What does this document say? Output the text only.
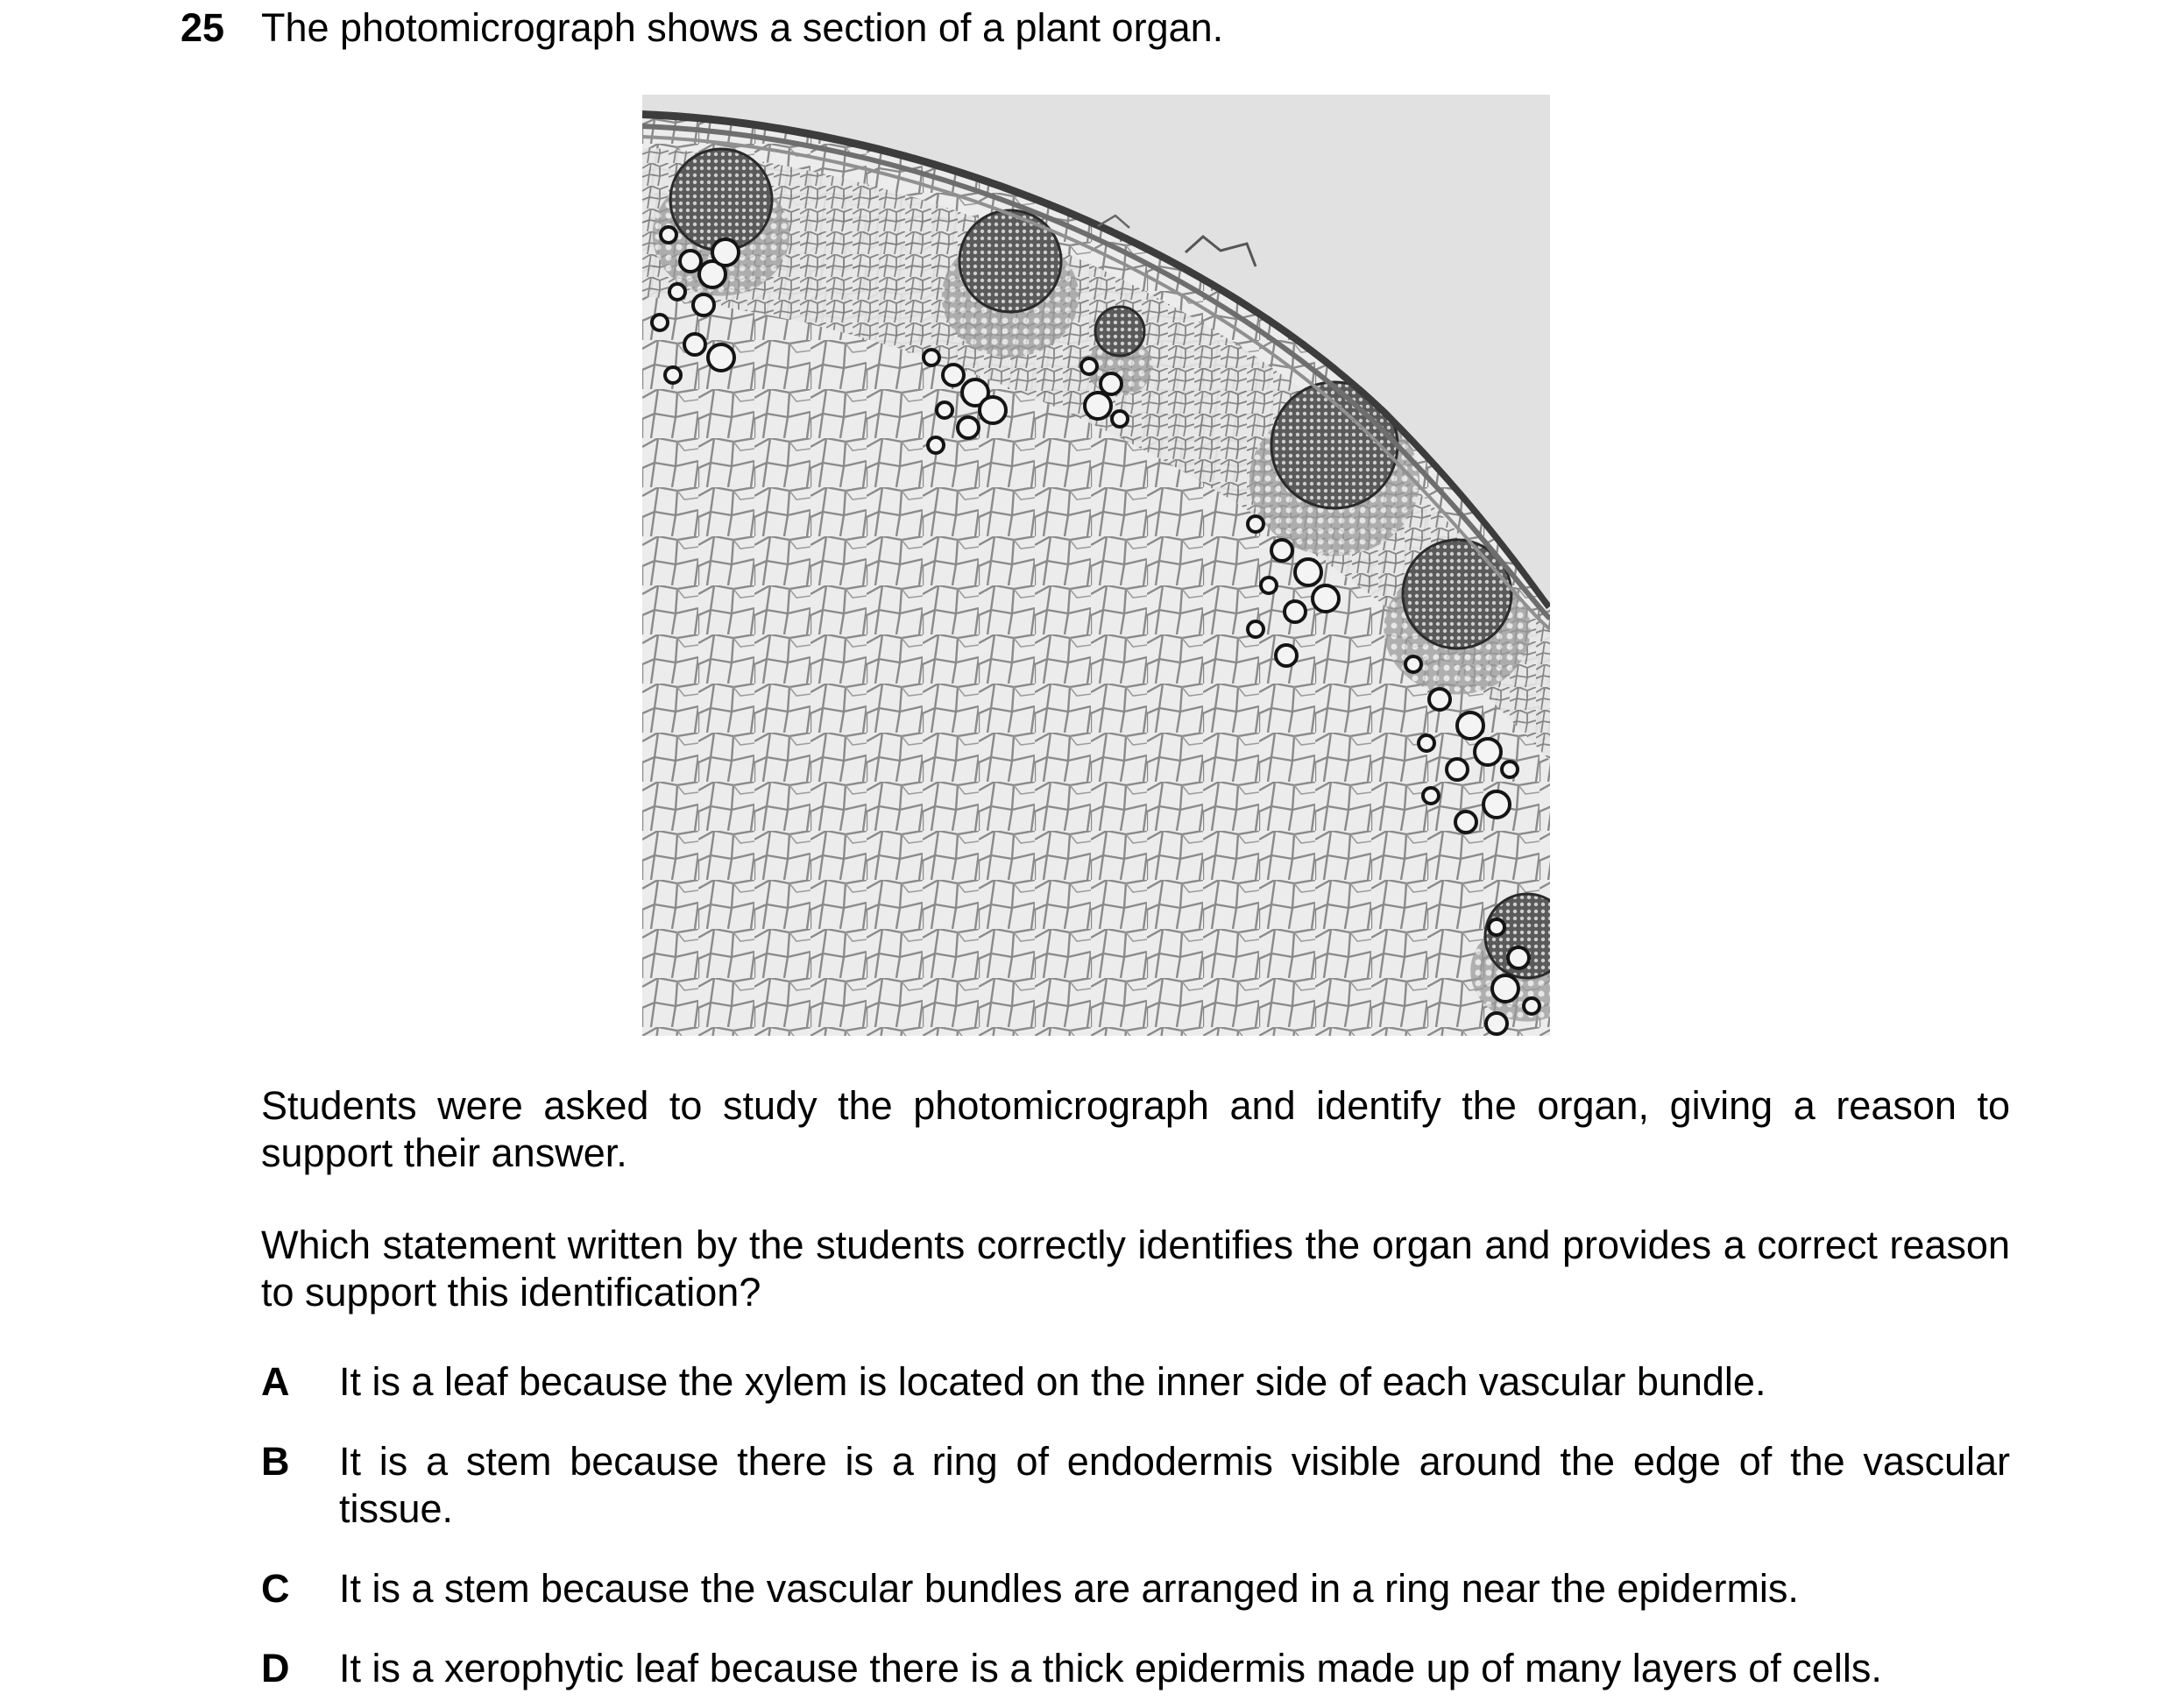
25 The photomicrograph shows a section of a plant organ.
Students were asked to study the photomicrograph and identify the organ, giving a reason to support their answer.
Which statement written by the students correctly identifies the organ and provides a correct reason to support this identification?
A It is a leaf because the xylem is located on the inner side of each vascular bundle.
B It is a stem because there is a ring of endodermis visible around the edge of the vascular tissue.
C It is a stem because the vascular bundles are arranged in a ring near the epidermis.
D It is a xerophytic leaf because there is a thick epidermis made up of many layers of cells.
